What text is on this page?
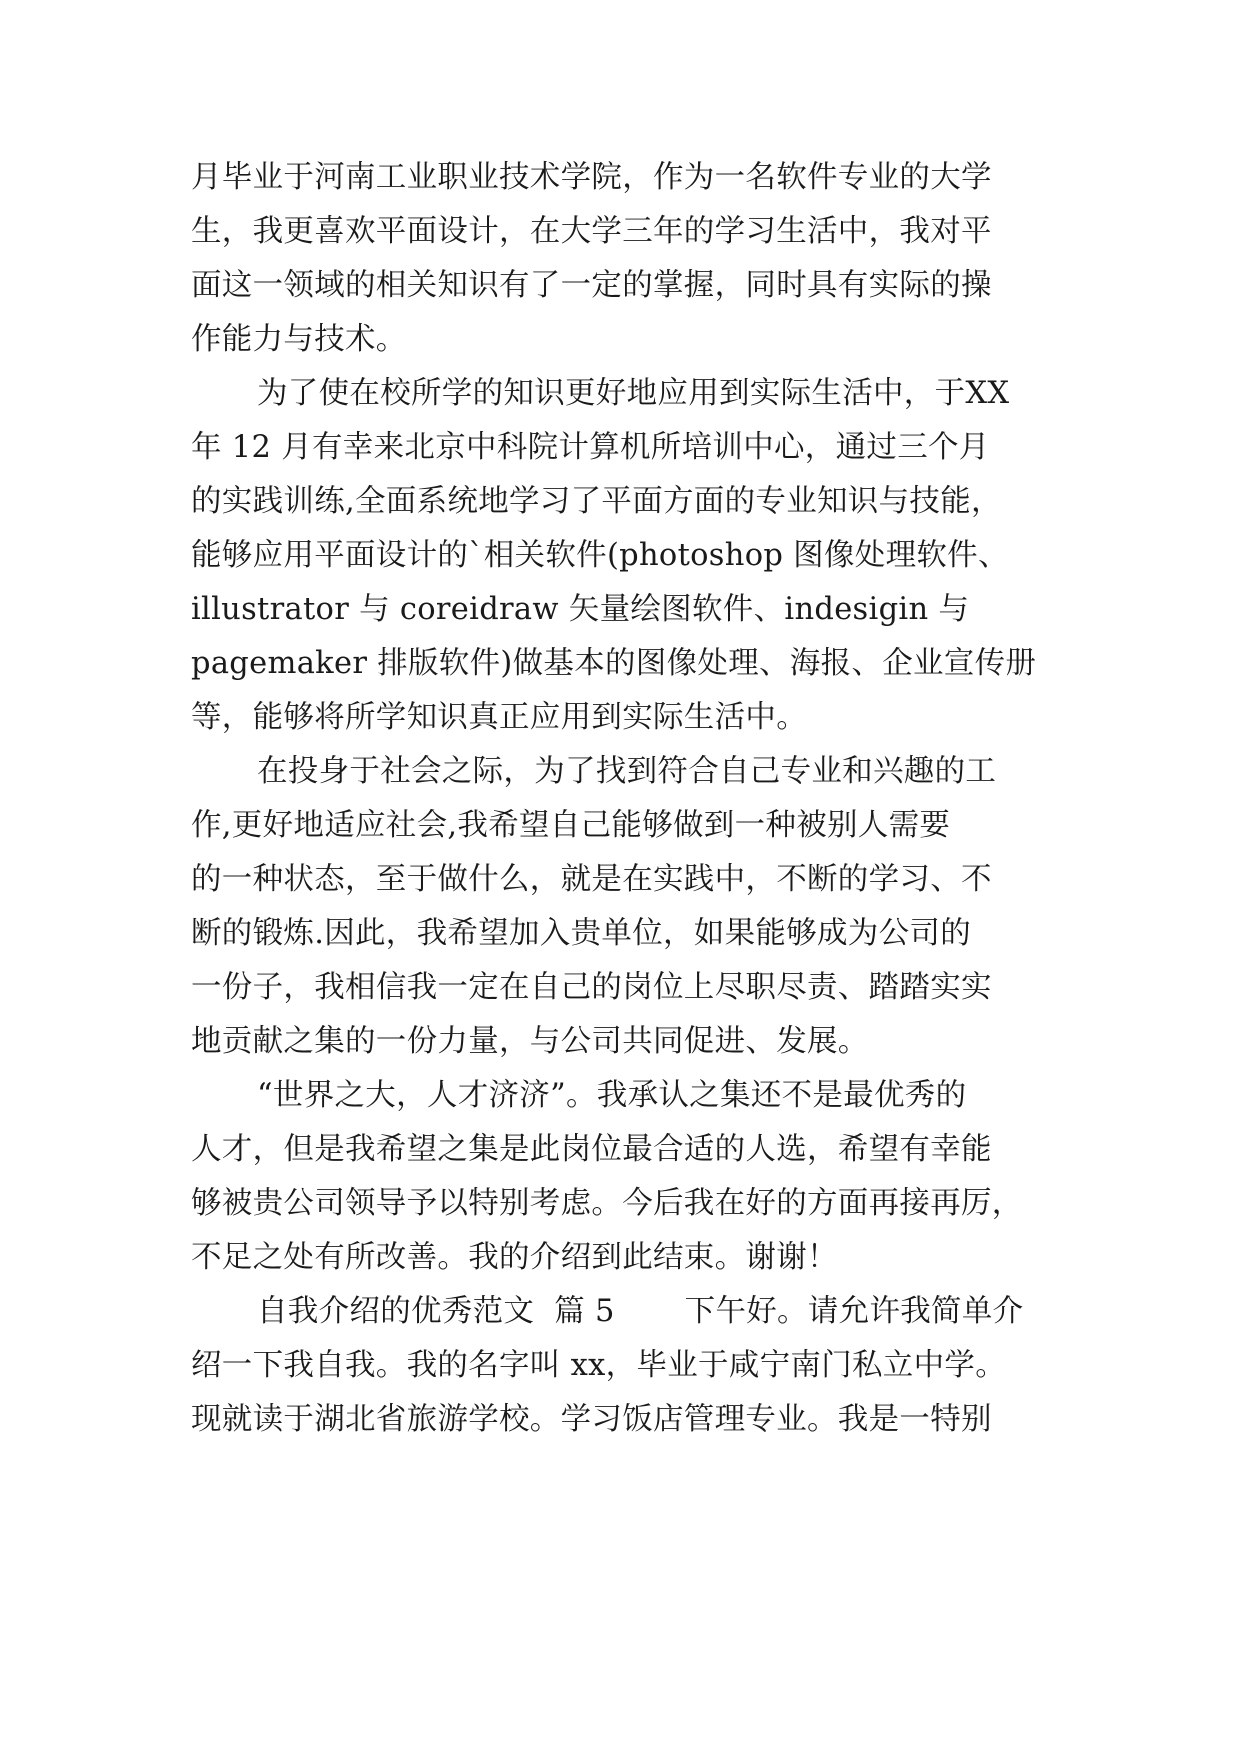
月毕业于河南工业职业技术学院，作为一名软件专业的大学
生，我更喜欢平面设计，在大学三年的学习生活中，我对平
面这一领域的相关知识有了一定的掌握，同时具有实际的操
作能力与技术。
为了使在校所学的知识更好地应用到实际生活中，于XX
年 12 月有幸来北京中科院计算机所培训中心，通过三个月
的实践训练,全面系统地学习了平面方面的专业知识与技能，
能够应用平面设计的`相关软件(photoshop 图像处理软件、
illustrator 与 coreidraw 矢量绘图软件、indesigin 与
pagemaker 排版软件)做基本的图像处理、海报、企业宣传册
等，能够将所学知识真正应用到实际生活中。
在投身于社会之际，为了找到符合自己专业和兴趣的工
作,更好地适应社会,我希望自己能够做到一种被别人需要
的一种状态，至于做什么，就是在实践中，不断的学习、不
断的锻炼.因此，我希望加入贵单位，如果能够成为公司的
一份子，我相信我一定在自己的岗位上尽职尽责、踏踏实实
地贡献之集的一份力量，与公司共同促进、发展。
“世界之大，人才济济”。我承认之集还不是最优秀的
人才，但是我希望之集是此岗位最合适的人选，希望有幸能
够被贵公司领导予以特别考虑。今后我在好的方面再接再厉，
不足之处有所改善。我的介绍到此结束。谢谢！
自我介绍的优秀范文  篇 5       下午好。请允许我简单介
绍一下我自我。我的名字叫 xx，毕业于咸宁南门私立中学。
现就读于湖北省旅游学校。学习饭店管理专业。我是一特别
